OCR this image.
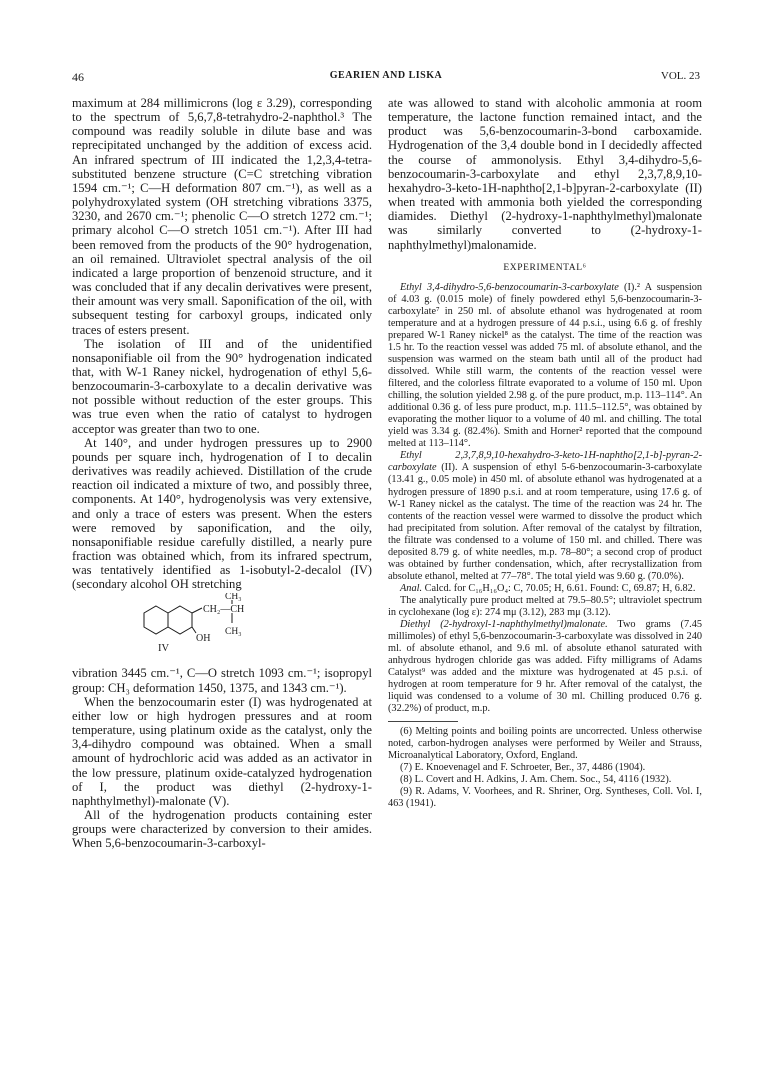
46	GEARIEN AND LISKA	VOL. 23

maximum at 284 millimicrons (log ε 3.29), corresponding to the spectrum of 5,6,7,8-tetrahydro-2-naphthol.³ The compound was readily soluble in dilute base and was reprecipitated unchanged by the addition of excess acid. An infrared spectrum of III indicated the 1,2,3,4-tetra-substituted benzene structure (C=C stretching vibration 1594 cm.⁻¹; C—H deformation 807 cm.⁻¹), as well as a polyhydroxylated system (OH stretching vibrations 3375, 3230, and 2670 cm.⁻¹; phenolic C—O stretch 1272 cm.⁻¹; primary alcohol C—O stretch 1051 cm.⁻¹). After III had been removed from the products of the 90° hydrogenation, an oil remained. Ultraviolet spectral analysis of the oil indicated a large proportion of benzenoid structure, and it was concluded that if any decalin derivatives were present, their amount was very small. Saponification of the oil, with subsequent testing for carboxyl groups, indicated only traces of esters present.

The isolation of III and of the unidentified nonsaponifiable oil from the 90° hydrogenation indicated that, with W-1 Raney nickel, hydrogenation of ethyl 5,6-benzocoumarin-3-carboxylate to a decalin derivative was not possible without reduction of the ester groups. This was true even when the ratio of catalyst to hydrogen acceptor was greater than two to one.

At 140°, and under hydrogen pressures up to 2900 pounds per square inch, hydrogenation of I to decalin derivatives was readily achieved. Distillation of the crude reaction oil indicated a mixture of two, and possibly three, components. At 140°, hydrogenolysis was very extensive, and only a trace of esters was present. When the esters were removed by saponification, and the oily, nonsaponifiable residue carefully distilled, a nearly pure fraction was obtained which, from its infrared spectrum, was tentatively identified as 1-isobutyl-2-decalol (IV) (secondary alcohol OH stretching

CH₃
CH₂—CH
OH
CH₃
IV

vibration 3445 cm.⁻¹, C—O stretch 1093 cm.⁻¹; isopropyl group: CH₃ deformation 1450, 1375, and 1343 cm.⁻¹).

When the benzocoumarin ester (I) was hydrogenated at either low or high hydrogen pressures and at room temperature, using platinum oxide as the catalyst, only the 3,4-dihydro compound was obtained. When a small amount of hydrochloric acid was added as an activator in the low pressure, platinum oxide-catalyzed hydrogenation of I, the product was diethyl (2-hydroxy-1-naphthylmethyl)-malonate (V).

All of the hydrogenation products containing ester groups were characterized by conversion to their amides. When 5,6-benzocoumarin-3-carboxyl-

ate was allowed to stand with alcoholic ammonia at room temperature, the lactone function remained intact, and the product was 5,6-benzocoumarin-3-bond carboxamide. Hydrogenation of the 3,4 double bond in I decidedly affected the course of ammonolysis. Ethyl 3,4-dihydro-5,6-benzocoumarin-3-carboxylate and ethyl 2,3,7,8,9,10-hexahydro-3-keto-1H-naphtho[2,1-b]pyran-2-carboxylate (II) when treated with ammonia both yielded the corresponding diamides. Diethyl (2-hydroxy-1-naphthylmethyl)malonate was similarly converted to (2-hydroxy-1-naphthylmethyl)malonamide.

EXPERIMENTAL⁶

Ethyl 3,4-dihydro-5,6-benzocoumarin-3-carboxylate (I).² A suspension of 4.03 g. (0.015 mole) of finely powdered ethyl 5,6-benzocoumarin-3-carboxylate⁷ in 250 ml. of absolute ethanol was hydrogenated at room temperature and at a hydrogen pressure of 44 p.s.i., using 6.6 g. of freshly prepared W-1 Raney nickel⁸ as the catalyst. The time of the reaction was 1.5 hr. To the reaction vessel was added 75 ml. of absolute ethanol, and the suspension was warmed on the steam bath until all of the product had dissolved. While still warm, the contents of the reaction vessel were filtered, and the colorless filtrate evaporated to a volume of 150 ml. Upon chilling, the solution yielded 2.98 g. of the pure product, m.p. 113–114°. An additional 0.36 g. of less pure product, m.p. 111.5–112.5°, was obtained by evaporating the mother liquor to a volume of 40 ml. and chilling. The total yield was 3.34 g. (82.4%). Smith and Horner² reported that the compound melted at 113–114°.

Ethyl 2,3,7,8,9,10-hexahydro-3-keto-1H-naphtho[2,1-b]-pyran-2-carboxylate (II). A suspension of ethyl 5-6-benzocoumarin-3-carboxylate (13.41 g., 0.05 mole) in 450 ml. of absolute ethanol was hydrogenated at a hydrogen pressure of 1890 p.s.i. and at room temperature, using 17.6 g. of W-1 Raney nickel as the catalyst. The time of the reaction was 24 hr. The contents of the reaction vessel were warmed to dissolve the product which had precipitated from solution. After removal of the catalyst by filtration, the filtrate was condensed to a volume of 150 ml. and chilled. There was deposited 8.79 g. of white needles, m.p. 78–80°; a second crop of product was obtained by further condensation, which, after recrystallization from absolute ethanol, melted at 77–78°. The total yield was 9.60 g. (70.0%).

Anal. Calcd. for C₁₆H₁₆O₄: C, 70.05; H, 6.61. Found: C, 69.87; H, 6.82.

The analytically pure product melted at 79.5–80.5°; ultraviolet spectrum in cyclohexane (log ε): 274 mμ (3.12), 283 mμ (3.12).

Diethyl (2-hydroxyl-1-naphthylmethyl)malonate. Two grams (7.45 millimoles) of ethyl 5,6-benzocoumarin-3-carboxylate was dissolved in 240 ml. of absolute ethanol, and 9.6 ml. of absolute ethanol saturated with anhydrous hydrogen chloride gas was added. Fifty milligrams of Adams Catalyst⁹ was added and the mixture was hydrogenated at 45 p.s.i. of hydrogen at room temperature for 9 hr. After removal of the catalyst, the liquid was condensed to a volume of 30 ml. Chilling produced 0.76 g. (32.2%) of product, m.p.

(6) Melting points and boiling points are uncorrected. Unless otherwise noted, carbon-hydrogen analyses were performed by Weiler and Strauss, Microanalytical Laboratory, Oxford, England.

(7) E. Knoevenagel and F. Schroeter, Ber., 37, 4486 (1904).

(8) L. Covert and H. Adkins, J. Am. Chem. Soc., 54, 4116 (1932).

(9) R. Adams, V. Voorhees, and R. Shriner, Org. Syntheses, Coll. Vol. I, 463 (1941).
